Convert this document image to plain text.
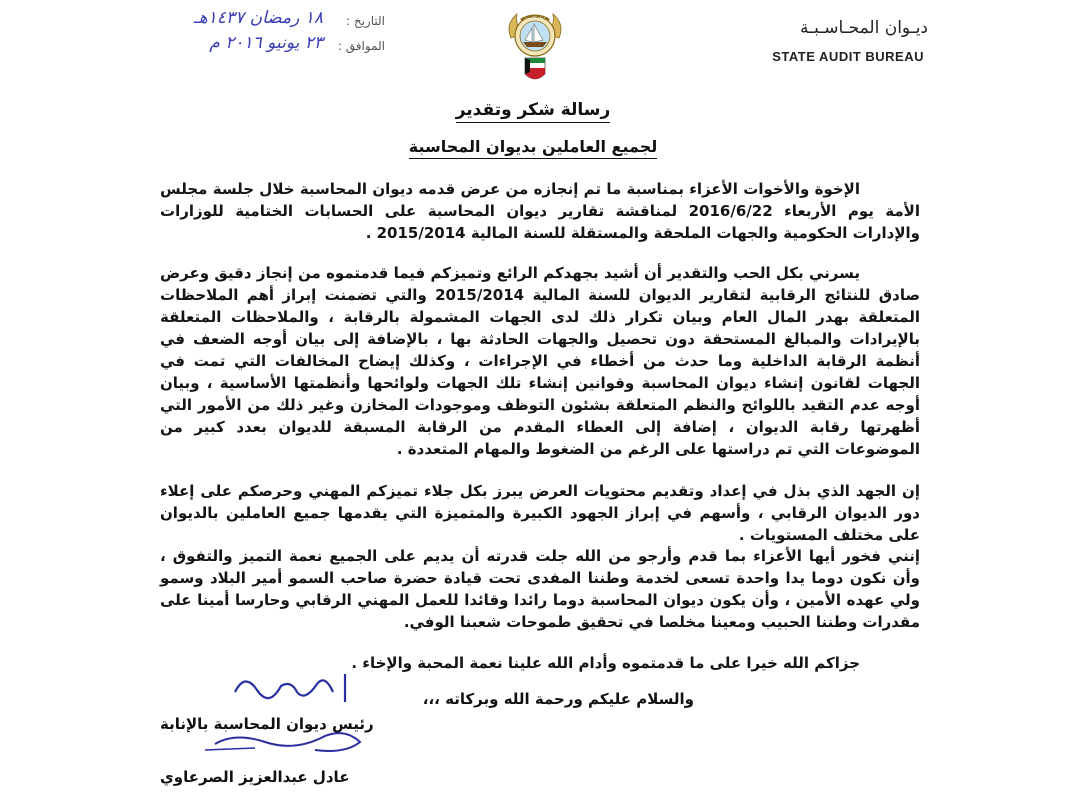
ديـوان المحـاسـبـة
STATE AUDIT BUREAU
دولة الكويت
التاريخ :
١٨ رمضان ١٤٣٧هـ
الموافق :
٢٣ يونيو ٢٠١٦ م
رسالة شكر وتقدير
لجميع العاملين بديوان المحاسبة
الإخوة والأخوات الأعزاء بمناسبة ما تم إنجازه من عرض قدمه ديوان المحاسبة خلال جلسة مجلس الأمة يوم الأربعاء 2016/6/22 لمناقشة تقارير ديوان المحاسبة على الحسابات الختامية للوزارات والإدارات الحكومية والجهات الملحقة والمستقلة للسنة المالية 2015/2014 .
يسرني بكل الحب والتقدير أن أشيد بجهدكم الرائع وتميزكم فيما قدمتموه من إنجاز دقيق وعرض صادق للنتائج الرقابية لتقارير الديوان للسنة المالية 2015/2014 والتي تضمنت إبراز أهم الملاحظات المتعلقة بهدر المال العام وبيان تكرار ذلك لدى الجهات المشمولة بالرقابة ، والملاحظات المتعلقة بالإيرادات والمبالغ المستحقة دون تحصيل والجهات الحادثة بها ، بالإضافة إلى بيان أوجه الضعف في أنظمة الرقابة الداخلية وما حدث من أخطاء في الإجراءات ، وكذلك إيضاح المخالفات التي تمت في الجهات لقانون إنشاء ديوان المحاسبة وقوانين إنشاء تلك الجهات ولوائحها وأنظمتها الأساسية ، وبيان أوجه عدم التقيد باللوائح والنظم المتعلقة بشئون التوظف وموجودات المخازن وغير ذلك من الأمور التي أظهرتها رقابة الديوان ، إضافة إلى العطاء المقدم من الرقابة المسبقة للديوان بعدد كبير من الموضوعات التي تم دراستها على الرغم من الضغوط والمهام المتعددة .
إن الجهد الذي بذل في إعداد وتقديم محتويات العرض يبرز بكل جلاء تميزكم المهني وحرصكم على إعلاء دور الديوان الرقابي ، وأسهم في إبراز الجهود الكبيرة والمتميزة التي يقدمها جميع العاملين بالديوان على مختلف المستويات .
إنني فخور أيها الأعزاء بما قدم وأرجو من الله جلت قدرته أن يديم على الجميع نعمة التميز والتفوق ، وأن نكون دوما يدا واحدة تسعى لخدمة وطننا المفدى تحت قيادة حضرة صاحب السمو أمير البلاد وسمو ولي عهده الأمين ، وأن يكون ديوان المحاسبة دوما رائدا وقائدا للعمل المهني الرقابي وحارسا أمينا على مقدرات وطننا الحبيب ومعينا مخلصا في تحقيق طموحات شعبنا الوفي.
جزاكم الله خيرا على ما قدمتموه وأدام الله علينا نعمة المحبة والإخاء .
والسلام عليكم ورحمة الله وبركاته ،،،
رئيس ديوان المحاسبة بالإنابة
عادل عبدالعزيز الصرعاوي
